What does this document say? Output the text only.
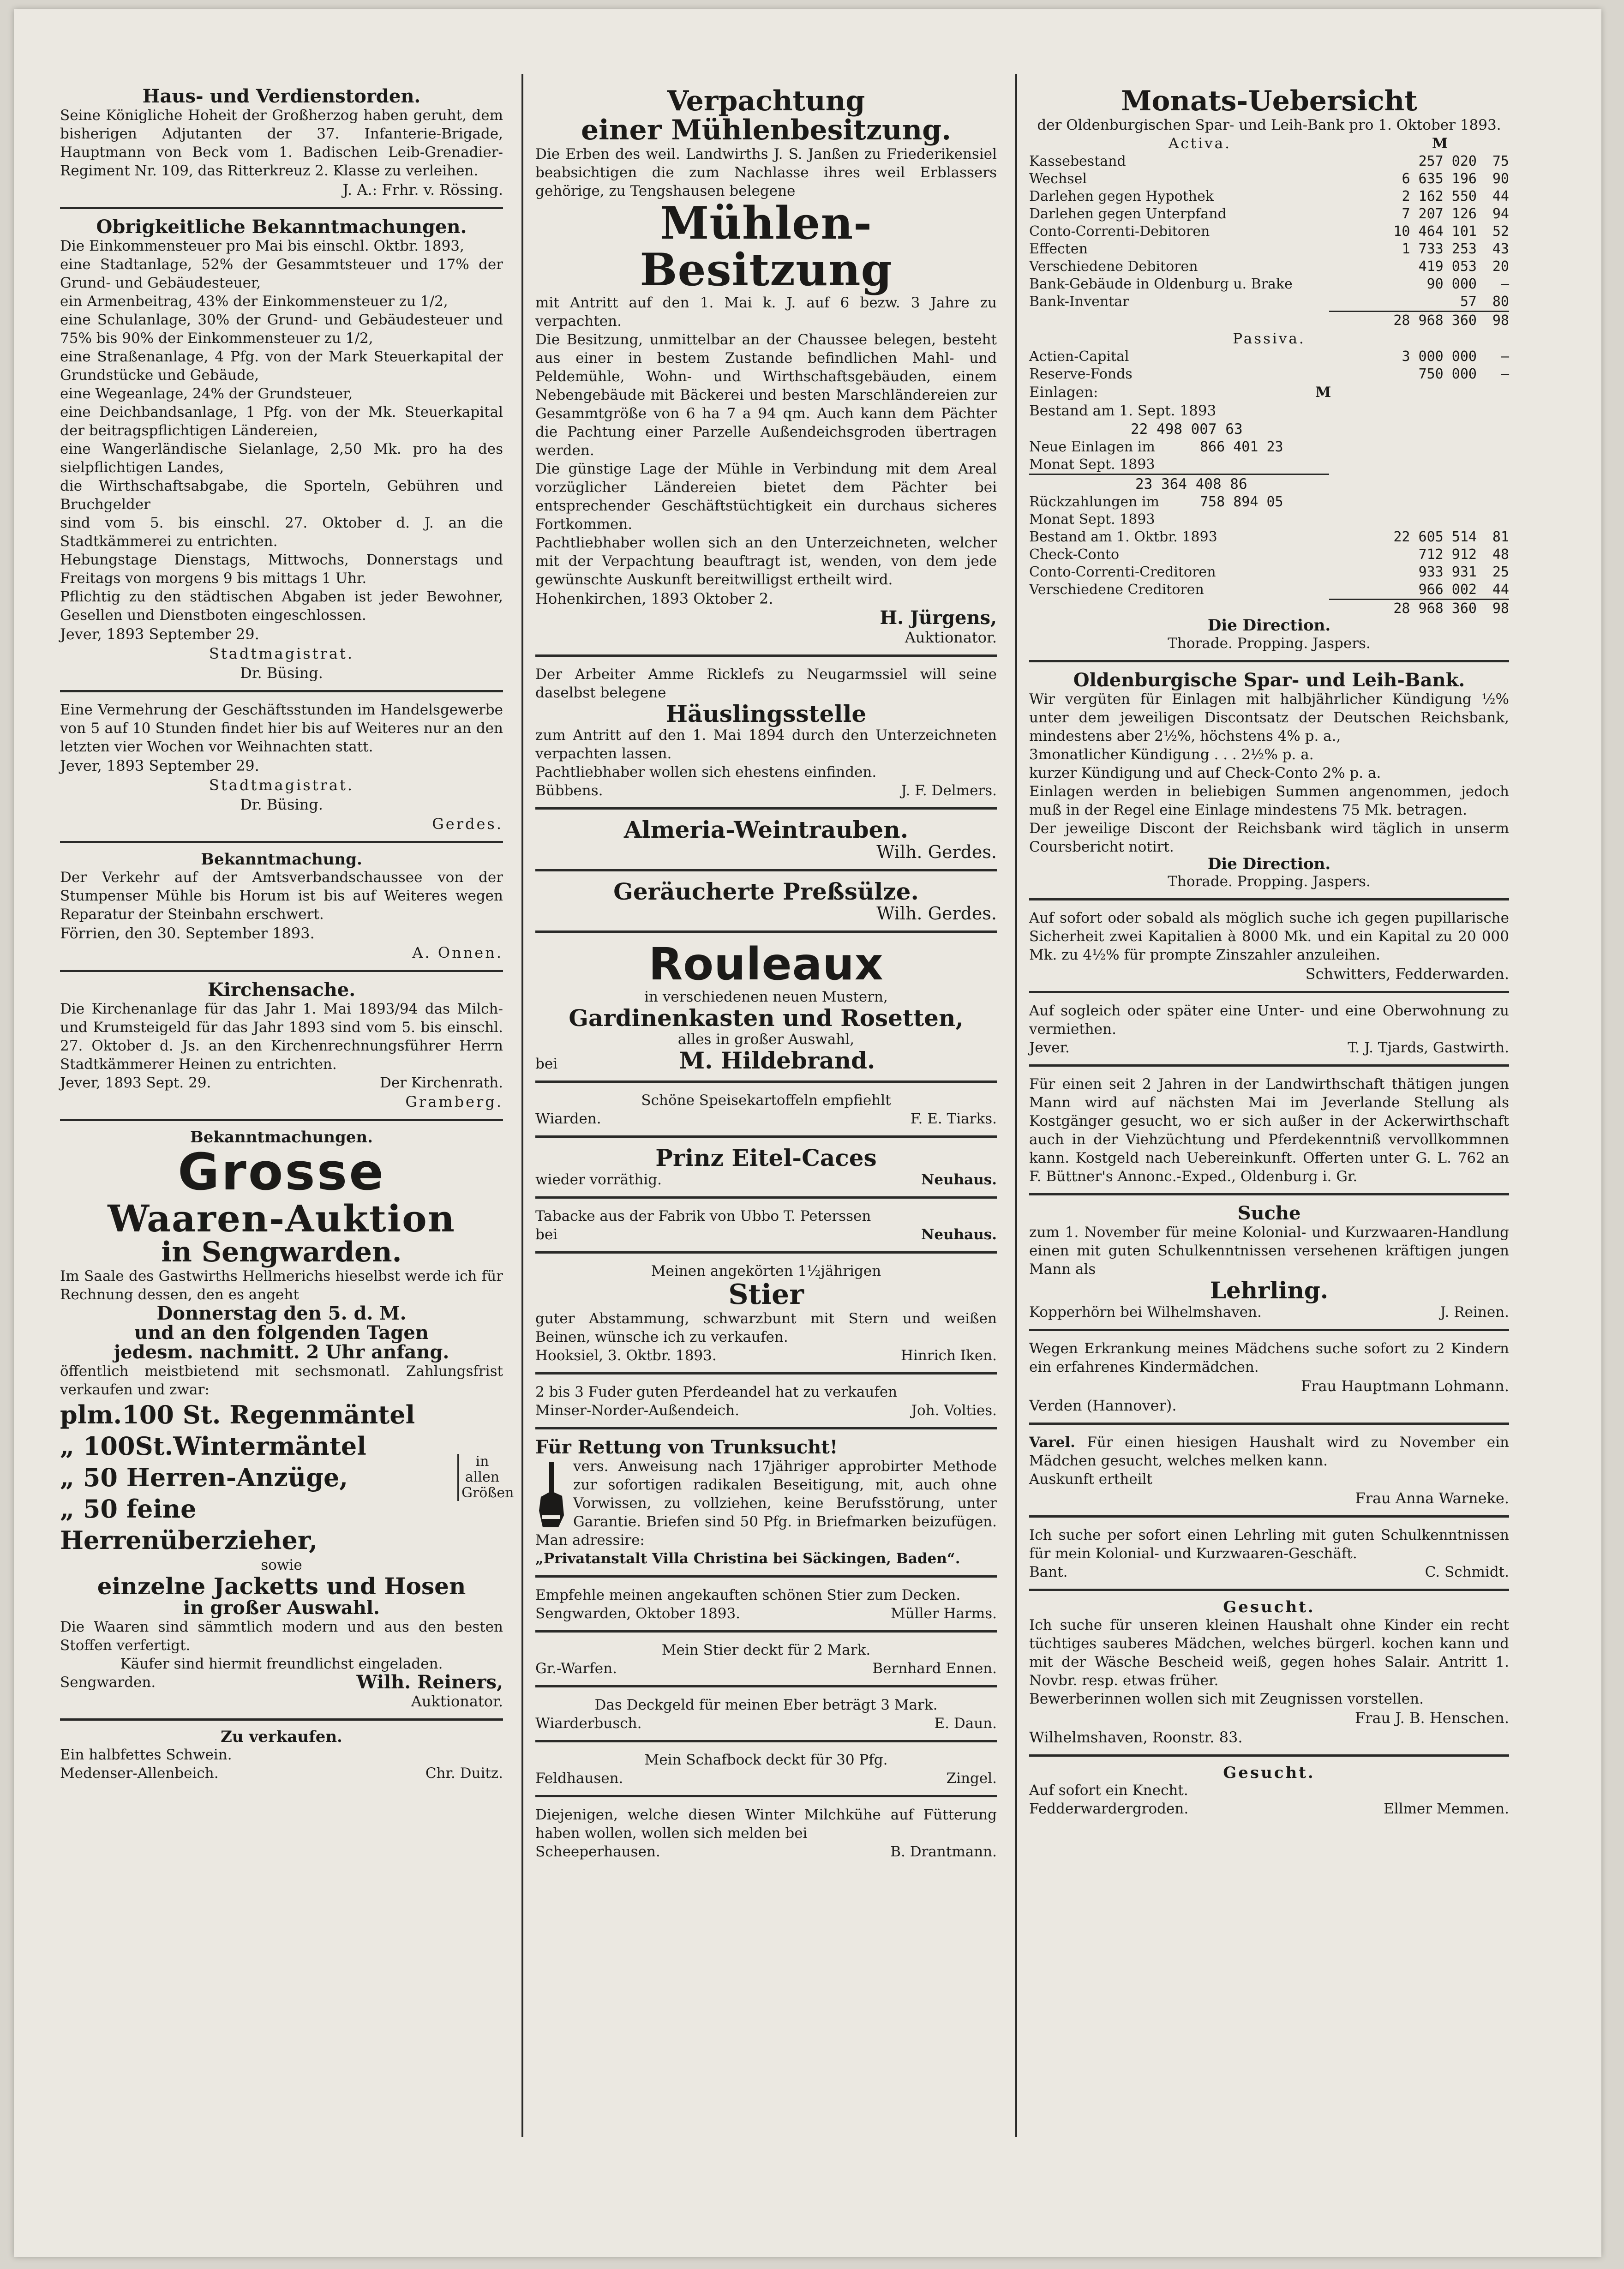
Haus- und Verdienstorden.

Seine Königliche Hoheit der Großherzog haben geruht, dem bisherigen Adjutanten der 37. Infanterie-Brigade, Hauptmann von Beck vom 1. Badischen Leib-Grenadier-Regiment Nr. 109, das Ritterkreuz 2. Klasse zu verleihen.

J. A.: Frhr. v. Rössing.

Obrigkeitliche Bekanntmachungen.

Die Einkommensteuer pro Mai bis einschl. Oktbr. 1893,

eine Stadtanlage, 52% der Gesammtsteuer und 17% der Grund- und Gebäudesteuer,

ein Armenbeitrag, 43% der Einkommensteuer zu 1/2,

eine Schulanlage, 30% der Grund- und Gebäudesteuer und 75% bis 90% der Einkommensteuer zu 1/2,

eine Straßenanlage, 4 Pfg. von der Mark Steuerkapital der Grundstücke und Gebäude,

eine Wegeanlage, 24% der Grundsteuer,

eine Deichbandsanlage, 1 Pfg. von der Mk. Steuerkapital der beitragspflichtigen Ländereien,

eine Wangerländische Sielanlage, 2,50 Mk. pro ha des sielpflichtigen Landes,

die Wirthschaftsabgabe, die Sporteln, Gebühren und Bruchgelder

sind vom 5. bis einschl. 27. Oktober d. J. an die Stadtkämmerei zu entrichten.

Hebungstage Dienstags, Mittwochs, Donnerstags und Freitags von morgens 9 bis mittags 1 Uhr.

Pflichtig zu den städtischen Abgaben ist jeder Bewohner, Gesellen und Dienstboten eingeschlossen.

Jever, 1893 September 29.

Stadtmagistrat.

Dr. Büsing.

Eine Vermehrung der Geschäftsstunden im Handelsgewerbe von 5 auf 10 Stunden findet hier bis auf Weiteres nur an den letzten vier Wochen vor Weihnachten statt.

Jever, 1893 September 29.

Stadtmagistrat.

Dr. Büsing.

Gerdes.

Bekanntmachung.

Der Verkehr auf der Amtsverbandschaussee von der Stumpenser Mühle bis Horum ist bis auf Weiteres wegen Reparatur der Steinbahn erschwert.

Förrien, den 30. September 1893.

A. Onnen.

Kirchensache.

Die Kirchenanlage für das Jahr 1. Mai 1893/94 das Milch- und Krumsteigeld für das Jahr 1893 sind vom 5. bis einschl. 27. Oktober d. Js. an den Kirchenrechnungsführer Herrn Stadtkämmerer Heinen zu entrichten.

Jever, 1893 Sept. 29.	Der Kirchenrath.

Gramberg.

Bekanntmachungen.

Grosse

Waaren-Auktion

in Sengwarden.

Im Saale des Gastwirths Hellmerichs hieselbst werde ich für Rechnung dessen, den es angeht

Donnerstag den 5. d. M.

und an den folgenden Tagen

jedesm. nachmitt. 2 Uhr anfang.

öffentlich meistbietend mit sechsmonatl. Zahlungsfrist verkaufen und zwar:

plm.100 St. Regenmäntel
„ 100St.Wintermäntel
„ 50 Herren-Anzüge,
„ 50 feine Herrenüberzieher,
in allen Größen

sowie

einzelne Jacketts und Hosen

in großer Auswahl.

Die Waaren sind sämmtlich modern und aus den besten Stoffen verfertigt.

Käufer sind hiermit freundlichst eingeladen.

Sengwarden.	Wilh. Reiners,

Auktionator.

Zu verkaufen.

Ein halbfettes Schwein.

Medenser-Allenbeich.	Chr. Duitz.

Verpachtung

einer Mühlenbesitzung.

Die Erben des weil. Landwirths J. S. Janßen zu Friederikensiel beabsichtigen die zum Nachlasse ihres weil Erblassers gehörige, zu Tengshausen belegene

Mühlen-

Besitzung

mit Antritt auf den 1. Mai k. J. auf 6 bezw. 3 Jahre zu verpachten.

Die Besitzung, unmittelbar an der Chaussee belegen, besteht aus einer in bestem Zustande befindlichen Mahl- und Peldemühle, Wohn- und Wirthschaftsgebäuden, einem Nebengebäude mit Bäckerei und besten Marschländereien zur Gesammtgröße von 6 ha 7 a 94 qm. Auch kann dem Pächter die Pachtung einer Parzelle Außendeichsgroden übertragen werden.

Die günstige Lage der Mühle in Verbindung mit dem Areal vorzüglicher Ländereien bietet dem Pächter bei entsprechender Geschäftstüchtigkeit ein durchaus sicheres Fortkommen.

Pachtliebhaber wollen sich an den Unterzeichneten, welcher mit der Verpachtung beauftragt ist, wenden, von dem jede gewünschte Auskunft bereitwilligst ertheilt wird.

Hohenkirchen, 1893 Oktober 2.

H. Jürgens,

Auktionator.

Der Arbeiter Amme Ricklefs zu Neugarmssiel will seine daselbst belegene

Häuslingsstelle

zum Antritt auf den 1. Mai 1894 durch den Unterzeichneten verpachten lassen.

Pachtliebhaber wollen sich ehestens einfinden.

Bübbens.	J. F. Delmers.

Almeria-Weintrauben.

Wilh. Gerdes.

Geräucherte Preßsülze.

Wilh. Gerdes.

Rouleaux

in verschiedenen neuen Mustern,

Gardinenkasten und Rosetten,

alles in großer Auswahl,

bei	M. Hildebrand.

Schöne Speisekartoffeln empfiehlt

Wiarden.	F. E. Tiarks.

Prinz Eitel-Caces

wieder vorräthig.	Neuhaus.

Tabacke aus der Fabrik von Ubbo T. Peterssen

bei	Neuhaus.

Meinen angekörten 1½jährigen

Stier

guter Abstammung, schwarzbunt mit Stern und weißen Beinen, wünsche ich zu verkaufen.

Hooksiel, 3. Oktbr. 1893.	Hinrich Iken.

2 bis 3 Fuder guten Pferdeandel hat zu verkaufen

Minser-Norder-Außendeich.	Joh. Volties.

Für Rettung von Trunksucht!

vers. Anweisung nach 17jähriger approbirter Methode zur sofortigen radikalen Beseitigung, mit, auch ohne Vorwissen, zu vollziehen, keine Berufsstörung, unter Garantie. Briefen sind 50 Pfg. in Briefmarken beizufügen. Man adressire:

„Privatanstalt Villa Christina bei Säckingen, Baden“.

Empfehle meinen angekauften schönen Stier zum Decken.

Sengwarden, Oktober 1893.	Müller Harms.

Mein Stier deckt für 2 Mark.

Gr.-Warfen.	Bernhard Ennen.

Das Deckgeld für meinen Eber beträgt 3 Mark.

Wiarderbusch.	E. Daun.

Mein Schafbock deckt für 30 Pfg.

Feldhausen.	Zingel.

Diejenigen, welche diesen Winter Milchkühe auf Fütterung haben wollen, wollen sich melden bei

Scheeperhausen.	B. Drantmann.

Monats-Uebersicht

der Oldenburgischen Spar- und Leih-Bank pro 1. Oktober 1893.

Activa.	M
Kassebestand	257 020	75
Wechsel	6 635 196	90
Darlehen gegen Hypothek	2 162 550	44
Darlehen gegen Unterpfand	7 207 126	94
Conto-Correnti-Debitoren	10 464 101	52
Effecten	1 733 253	43
Verschiedene Debitoren	419 053	20
Bank-Gebäude in Oldenburg u. Brake	90 000	—
Bank-Inventar	57	80
28 968 360	98

Passiva.

Actien-Capital	3 000 000	—
Reserve-Fonds	750 000	—
Einlagen:	M

Bestand am 1. Sept. 1893

22 498 007 63

Neue Einlagen im Monat Sept. 1893
866 401 23

23 364 408 86

Rückzahlungen im Monat Sept. 1893
758 894 05
Bestand am 1. Oktbr. 1893	22 605 514	81
Check-Conto	712 912	48
Conto-Correnti-Creditoren	933 931	25
Verschiedene Creditoren	966 002	44
28 968 360	98

Die Direction.

Thorade. Propping. Jaspers.

Oldenburgische Spar- und Leih-Bank.

Wir vergüten für Einlagen mit halbjährlicher Kündigung ½% unter dem jeweiligen Discontsatz der Deutschen Reichsbank, mindestens aber 2½%, höchstens 4% p. a.,

3monatlicher Kündigung . . . 2½% p. a.

kurzer Kündigung und auf Check-Conto 2% p. a.

Einlagen werden in beliebigen Summen angenommen, jedoch muß in der Regel eine Einlage mindestens 75 Mk. betragen.

Der jeweilige Discont der Reichsbank wird täglich in unserm Coursbericht notirt.

Die Direction.

Thorade. Propping. Jaspers.

Auf sofort oder sobald als möglich suche ich gegen pupillarische Sicherheit zwei Kapitalien à 8000 Mk. und ein Kapital zu 20 000 Mk. zu 4½% für prompte Zinszahler anzuleihen.

Schwitters, Fedderwarden.

Auf sogleich oder später eine Unter- und eine Oberwohnung zu vermiethen.

Jever.	T. J. Tjards, Gastwirth.

Für einen seit 2 Jahren in der Landwirthschaft thätigen jungen Mann wird auf nächsten Mai im Jeverlande Stellung als Kostgänger gesucht, wo er sich außer in der Ackerwirthschaft auch in der Viehzüchtung und Pferdekenntniß vervollkommnen kann. Kostgeld nach Uebereinkunft. Offerten unter G. L. 762 an F. Büttner's Annonc.-Exped., Oldenburg i. Gr.

Suche

zum 1. November für meine Kolonial- und Kurzwaaren-Handlung einen mit guten Schulkenntnissen versehenen kräftigen jungen Mann als

Lehrling.

Kopperhörn bei Wilhelmshaven.	J. Reinen.

Wegen Erkrankung meines Mädchens suche sofort zu 2 Kindern ein erfahrenes Kindermädchen.

Frau Hauptmann Lohmann.

Verden (Hannover).

Varel. Für einen hiesigen Haushalt wird zu November ein Mädchen gesucht, welches melken kann.

Auskunft ertheilt

Frau Anna Warneke.

Ich suche per sofort einen Lehrling mit guten Schulkenntnissen für mein Kolonial- und Kurzwaaren-Geschäft.

Bant.	C. Schmidt.

Gesucht.

Ich suche für unseren kleinen Haushalt ohne Kinder ein recht tüchtiges sauberes Mädchen, welches bürgerl. kochen kann und mit der Wäsche Bescheid weiß, gegen hohes Salair. Antritt 1. Novbr. resp. etwas früher.

Bewerberinnen wollen sich mit Zeugnissen vorstellen.

Frau J. B. Henschen.

Wilhelmshaven, Roonstr. 83.

Gesucht.

Auf sofort ein Knecht.

Fedderwardergroden.	Ellmer Memmen.
